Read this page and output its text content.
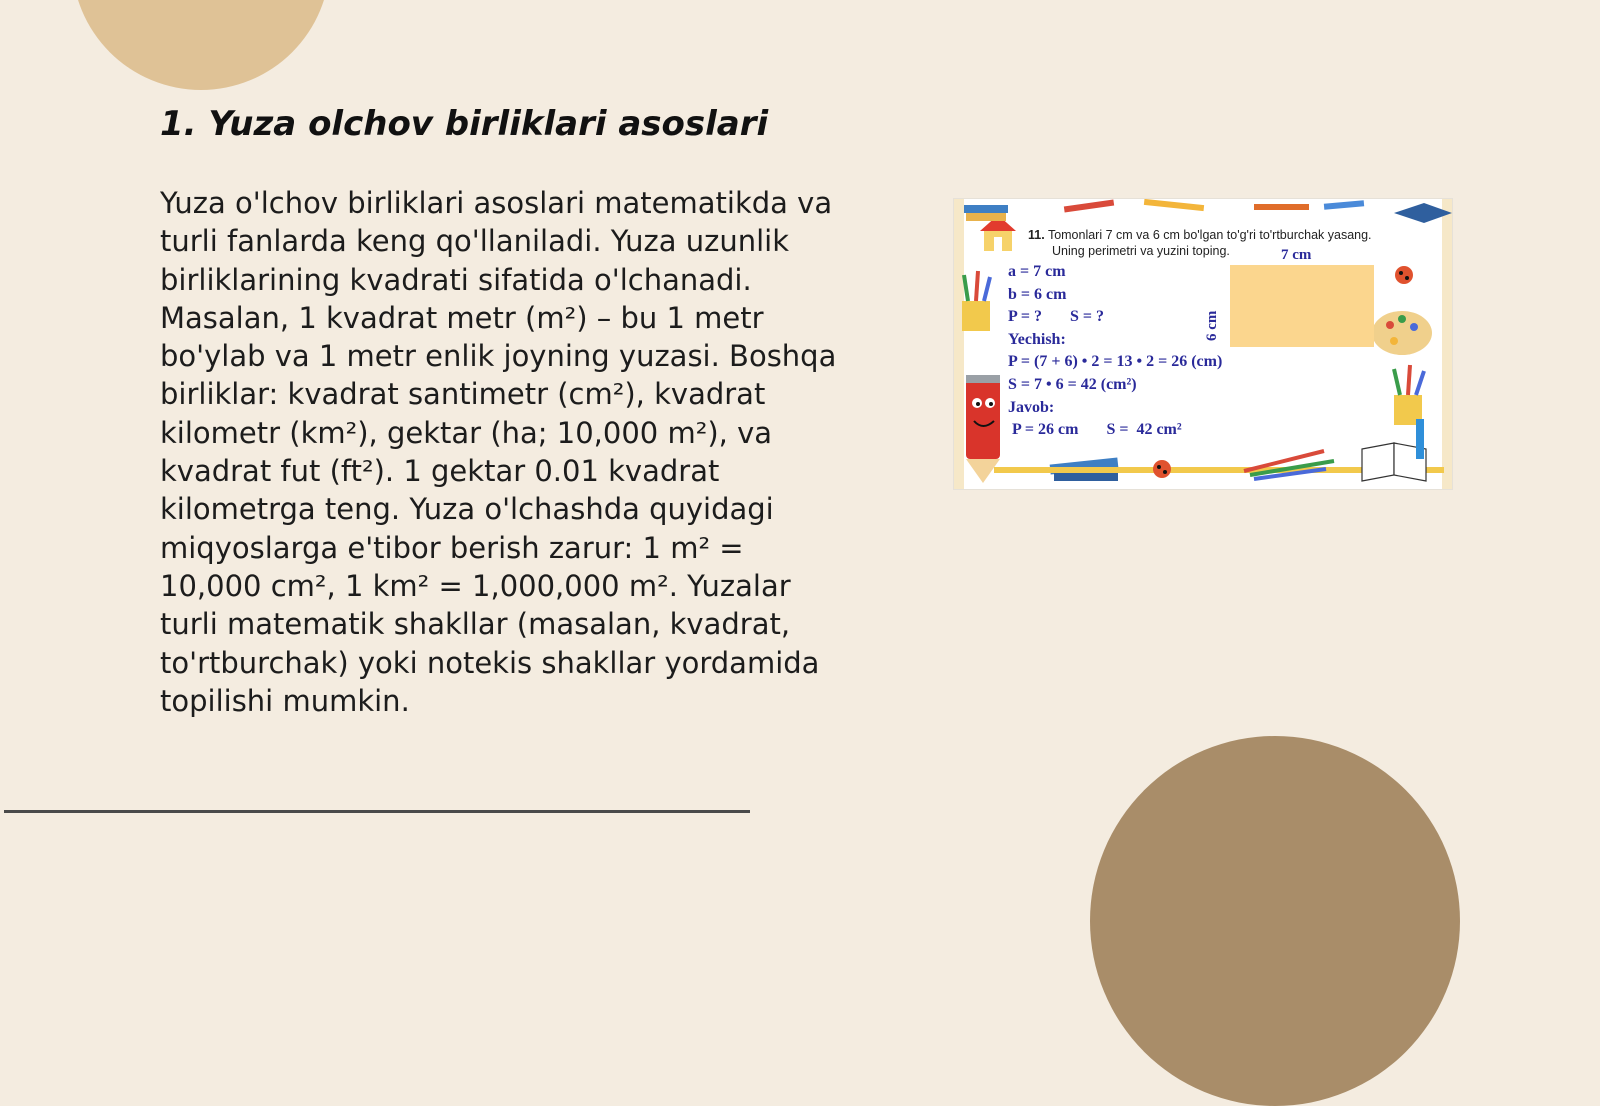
1. Yuza olchov birliklari asoslari

Yuza o'lchov birliklari asoslari matematikda va turli fanlarda keng qo'llaniladi. Yuza uzunlik birliklarining kvadrati sifatida o'lchanadi. Masalan, 1 kvadrat metr (m²) – bu 1 metr bo'ylab va 1 metr enlik joyning yuzasi. Boshqa birliklar: kvadrat santimetr (cm²), kvadrat kilometr (km²), gektar (ha; 10,000 m²), va kvadrat fut (ft²). 1 gektar 0.01 kvadrat kilometrga teng. Yuza o'lchashda quyidagi miqyoslarga e'tibor berish zarur: 1 m² = 10,000 cm², 1 km² = 1,000,000 m². Yuzalar turli matematik shakllar (masalan, kvadrat, to'rtburchak) yoki notekis shakllar yordamida topilishi mumkin.

11. Tomonlari 7 cm va 6 cm bo'lgan to'g'ri to'rtburchak yasang.
Uning perimetri va yuzini toping.	7 cm
6 cm
a = 7 cm
b = 6 cm
P = ?       S = ?
Yechish:
P = (7 + 6) • 2 = 13 • 2 = 26 (cm)
S = 7 • 6 = 42 (cm²)
Javob:
P = 26 cm       S =  42 cm²
